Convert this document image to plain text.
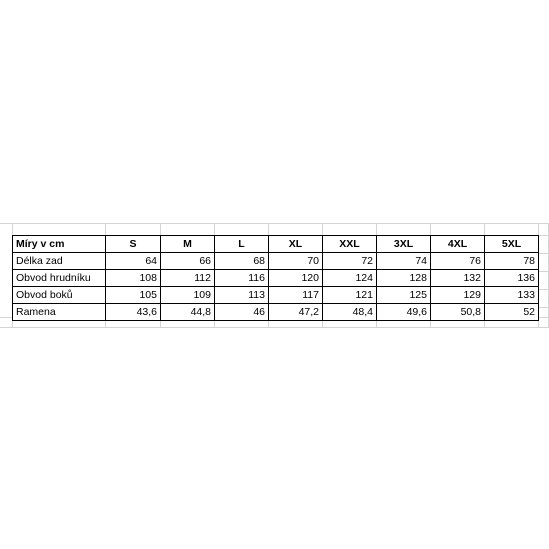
Míry v cm	S	M	L	XL	XXL	3XL	4XL	5XL
Délka zad	64	66	68	70	72	74	76	78
Obvod hrudníku	108	112	116	120	124	128	132	136
Obvod boků	105	109	113	117	121	125	129	133
Ramena	43,6	44,8	46	47,2	48,4	49,6	50,8	52
